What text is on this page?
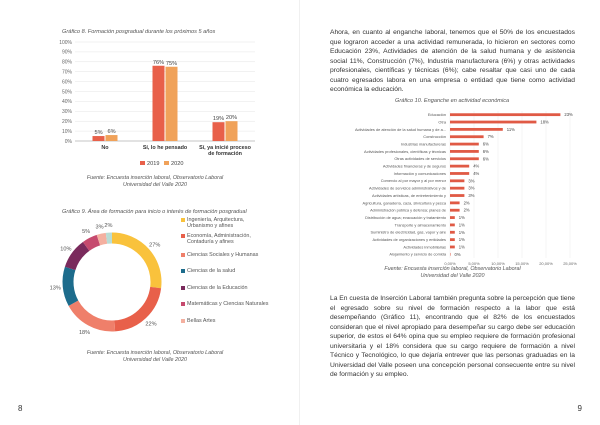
Gráfico 8. Formación posgradual durante los próximos 5 años
0%
10%
20%
30%
40%
50%
60%
70%
80%
90%
100%
5% 6%
No
76% 75%
Sí, lo he pensado
19% 20%
Sí, ya inicié proceso
de formación
2019 2020
Fuente: Encuesta inserción laboral, Observatorio Laboral
Universidad del Valle 2020
Gráfico 9. Área de formación para inicio o interés de formación posgradual
27%
22%
18%
13%
10%
5%
3% 2%
Ingeniería, Arquitectura, Urbanismo y afines
Economía, Administración, Contaduría y afines
Ciencias Sociales y Humanas
Ciencias de la salud
Ciencias de la Educación
Matemáticas y Ciencias Naturales
Bellas Artes
Fuente: Encuesta inserción laboral, Observatorio Laboral
Universidad del Valle 2020
8
Ahora, en cuanto al enganche laboral, tenemos que el 50% de los encuestados que lograron acceder a una actividad remunerada, lo hicieron en sectores como Educación 23%, Actividades de atención de la salud humana y de asistencia social 11%, Construcción (7%), Industria manufacturera (6%) y otras actividades profesionales, científicas y técnicas (6%); cabe resaltar que casi uno de cada cuatro egresados labora en una empresa o entidad que tiene como actividad económica la educación.
Gráfico 10. Enganche en actividad económica
0,00%	5,00%	10,00%	15,00%	20,00%	25,00%
Educación	23%
Otra	18%
Actividades de atención de la salud humana y de a...	11%
Construcción	7%
Industrias manufactureras	6%
Actividades profesionales, científicas y técnicas	6%
Otras actividades de servicios	6%
Actividades financieras y de seguros	4%
Información y comunicaciones	4%
Comercio al por mayor y al por menor	3%
Actividades de servicios administrativos y de	3%
Actividades artísticas, de entretenimiento y	3%
Agricultura, ganadería, caza, silvicultura y pesca	2%
Administración pública y defensa; planes de	2%
Distribución de agua; evacuación y tratamiento	1%
Transporte y almacenamiento	1%
Suministro de electricidad, gas, vapor y aire	1%
Actividades de organizaciones y entidades	1%
Actividades inmobiliarias	1%
Alojamiento y servicio de comida 0%
Fuente: Encuesta inserción laboral, Observatorio Laboral
Universidad del Valle 2020
La En cuesta de Inserción Laboral también pregunta sobre la percepción que tiene el egresado sobre su nivel de formación respecto a la labor que está desempeñando (Gráfico 11), encontrando que el 82% de los encuestados consideran que el nivel apropiado para desempeñar su cargo debe ser educación superior, de estos el 64% opina que su empleo requiere de formación profesional universitaria y el 18% considera que su cargo requiere de formación a nivel Técnico y Tecnológico, lo que dejaría entrever que las personas graduadas en la Universidad del Valle poseen una concepción personal consecuente entre su nivel de formación y su empleo.
9
